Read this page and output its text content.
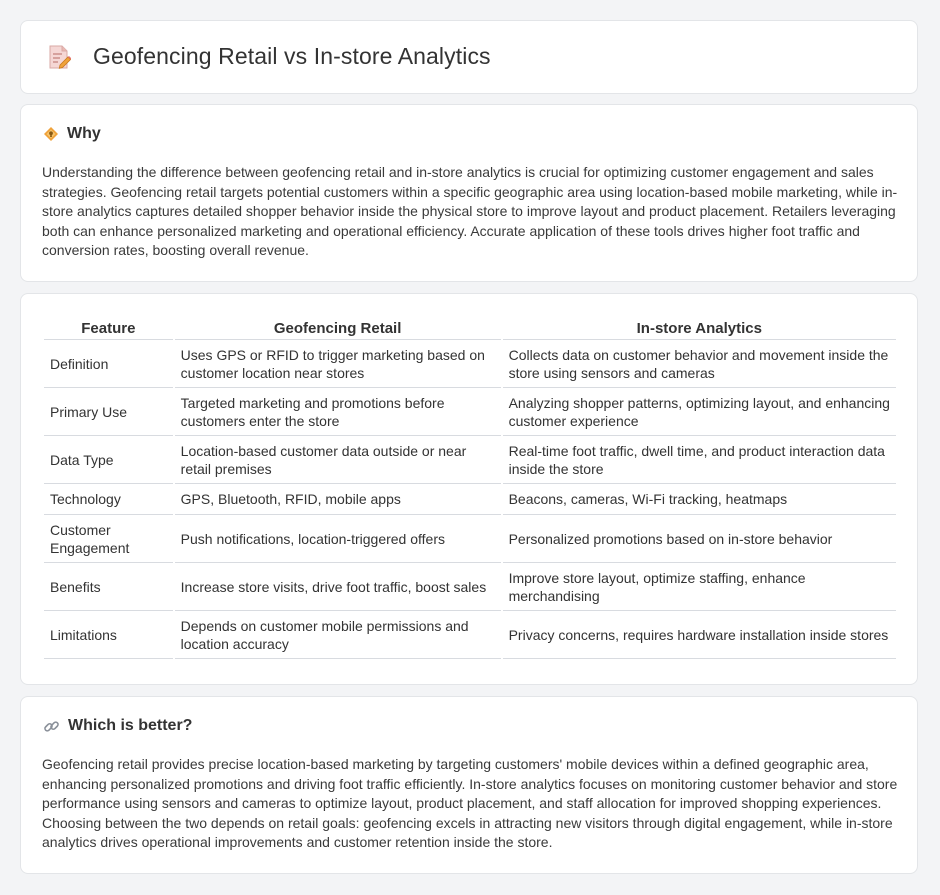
Geofencing Retail vs In-store Analytics
Why

Understanding the difference between geofencing retail and in-store analytics is crucial for optimizing customer engagement and sales strategies. Geofencing retail targets potential customers within a specific geographic area using location-based mobile marketing, while in-store analytics captures detailed shopper behavior inside the physical store to improve layout and product placement. Retailers leveraging both can enhance personalized marketing and operational efficiency. Accurate application of these tools drives higher foot traffic and conversion rates, boosting overall revenue.

Feature	Geofencing Retail	In-store Analytics
Definition	Uses GPS or RFID to trigger marketing based on customer location near stores	Collects data on customer behavior and movement inside the store using sensors and cameras
Primary Use	Targeted marketing and promotions before customers enter the store	Analyzing shopper patterns, optimizing layout, and enhancing customer experience
Data Type	Location-based customer data outside or near retail premises	Real-time foot traffic, dwell time, and product interaction data inside the store
Technology	GPS, Bluetooth, RFID, mobile apps	Beacons, cameras, Wi-Fi tracking, heatmaps
Customer Engagement	Push notifications, location-triggered offers	Personalized promotions based on in-store behavior
Benefits	Increase store visits, drive foot traffic, boost sales	Improve store layout, optimize staffing, enhance merchandising
Limitations	Depends on customer mobile permissions and location accuracy	Privacy concerns, requires hardware installation inside stores
Which is better?

Geofencing retail provides precise location-based marketing by targeting customers' mobile devices within a defined geographic area, enhancing personalized promotions and driving foot traffic efficiently. In-store analytics focuses on monitoring customer behavior and store performance using sensors and cameras to optimize layout, product placement, and staff allocation for improved shopping experiences. Choosing between the two depends on retail goals: geofencing excels in attracting new visitors through digital engagement, while in-store analytics drives operational improvements and customer retention inside the store.
